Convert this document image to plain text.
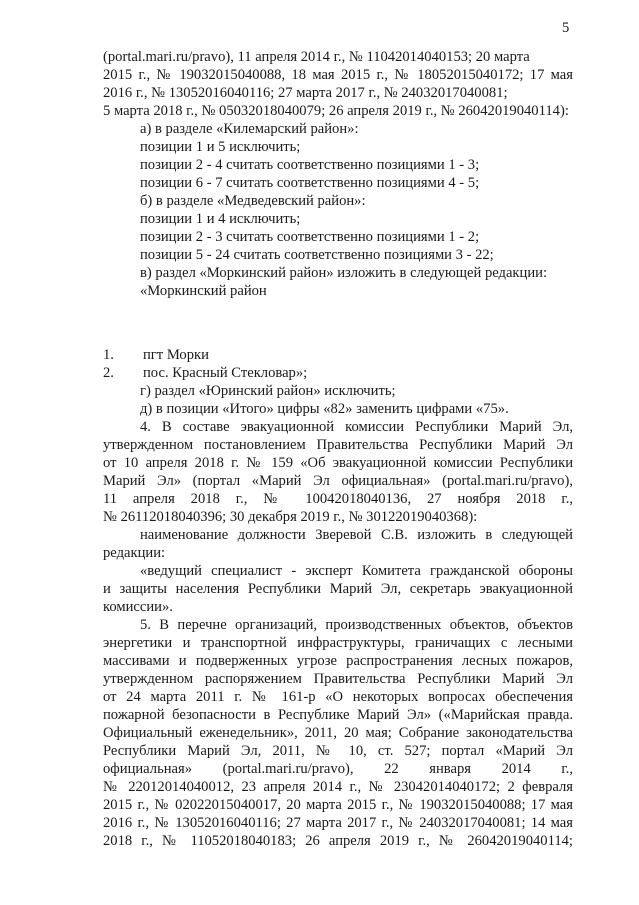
5
(portal.mari.ru/pravo), 11 апреля 2014 г., № 11042014040153; 20 марта
2015 г., № 19032015040088, 18 мая 2015 г., № 18052015040172; 17 мая
2016 г., № 13052016040116; 27 марта 2017 г., № 24032017040081;
5 марта 2018 г., № 05032018040079; 26 апреля 2019 г., № 26042019040114):
а) в разделе «Килемарский район»:
позиции 1 и 5 исключить;
позиции 2 - 4 считать соответственно позициями 1 - 3;
позиции 6 - 7 считать соответственно позициями 4 - 5;
б) в разделе «Медведевский район»:
позиции 1 и 4 исключить;
позиции 2 - 3 считать соответственно позициями 1 - 2;
позиции 5 - 24 считать соответственно позициями 3 - 22;
в) раздел «Моркинский район» изложить в следующей редакции:
«Моркинский район
г) раздел «Юринский район» исключить;
д) в позиции «Итого» цифры «82» заменить цифрами «75».
4. В составе эвакуационной комиссии Республики Марий Эл,
утвержденном постановлением Правительства Республики Марий Эл
от 10 апреля 2018 г. № 159 «Об эвакуационной комиссии Республики
Марий Эл» (портал «Марий Эл официальная» (portal.mari.ru/pravo),
11 апреля 2018 г., № 10042018040136, 27 ноября 2018 г.,
№ 26112018040396; 30 декабря 2019 г., № 30122019040368):
наименование должности Зверевой С.В. изложить в следующей
редакции:
«ведущий специалист - эксперт Комитета гражданской обороны
и защиты населения Республики Марий Эл, секретарь эвакуационной
комиссии».
5. В перечне организаций, производственных объектов, объектов
энергетики и транспортной инфраструктуры, граничащих с лесными
массивами и подверженных угрозе распространения лесных пожаров,
утвержденном распоряжением Правительства Республики Марий Эл
от 24 марта 2011 г. № 161-р «О некоторых вопросах обеспечения
пожарной безопасности в Республике Марий Эл» («Марийская правда.
Официальный еженедельник», 2011, 20 мая; Собрание законодательства
Республики Марий Эл, 2011, № 10, ст. 527; портал «Марий Эл
официальная» (portal.mari.ru/pravo), 22 января 2014 г.,
№ 22012014040012, 23 апреля 2014 г., № 23042014040172; 2 февраля
2015 г., № 02022015040017, 20 марта 2015 г., № 19032015040088; 17 мая
2016 г., № 13052016040116; 27 марта 2017 г., № 24032017040081; 14 мая
2018 г., № 11052018040183; 26 апреля 2019 г., № 26042019040114;
1. пгт Морки
2. пос. Красный Стекловар»;
